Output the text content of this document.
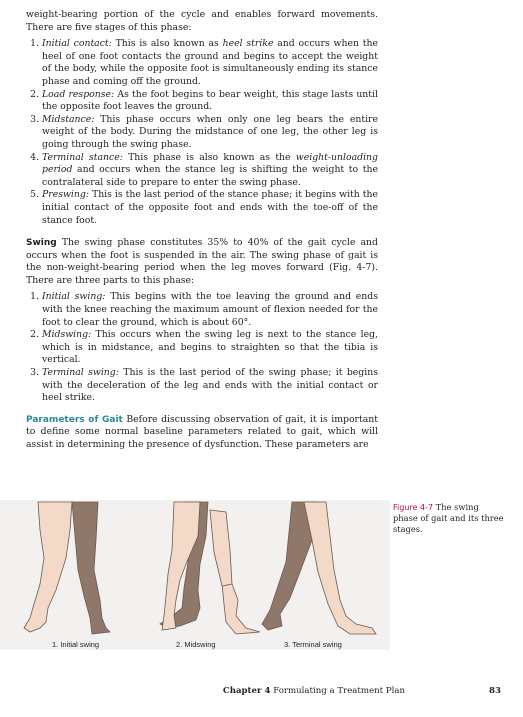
weight-bearing portion of the cycle and enables forward movements. There are five stages of this phase:

1. Initial contact: This is also known as heel strike and occurs when the heel of one foot contacts the ground and begins to accept the weight of the body, while the opposite foot is simultaneously ending its stance phase and coming off the ground.
2. Load response: As the foot begins to bear weight, this stage lasts until the opposite foot leaves the ground.
3. Midstance: This phase occurs when only one leg bears the entire weight of the body. During the midstance of one leg, the other leg is going through the swing phase.
4. Terminal stance: This phase is also known as the weight-unloading period and occurs when the stance leg is shifting the weight to the contralateral side to prepare to enter the swing phase.
5. Preswing: This is the last period of the stance phase; it begins with the initial contact of the opposite foot and ends with the toe-off of the stance foot.

Swing The swing phase constitutes 35% to 40% of the gait cycle and occurs when the foot is suspended in the air. The swing phase of gait is the non-weight-bearing period when the leg moves forward (Fig. 4-7). There are three parts to this phase:

1. Initial swing: This begins with the toe leaving the ground and ends with the knee reaching the maximum amount of flexion needed for the foot to clear the ground, which is about 60°.
2. Midswing: This occurs when the swing leg is next to the stance leg, which is in midstance, and begins to straighten so that the tibia is vertical.
3. Terminal swing: This is the last period of the swing phase; it begins with the deceleration of the leg and ends with the initial contact or heel strike.

Parameters of Gait Before discussing observation of gait, it is important to define some normal baseline parameters related to gait, which will assist in determining the presence of dysfunction. These parameters are

1. Initial swing	2. Midswing	3. Terminal swing
Figure 4-7 The swing phase of gait and its three stages.
Chapter 4 Formulating a Treatment Plan	83
